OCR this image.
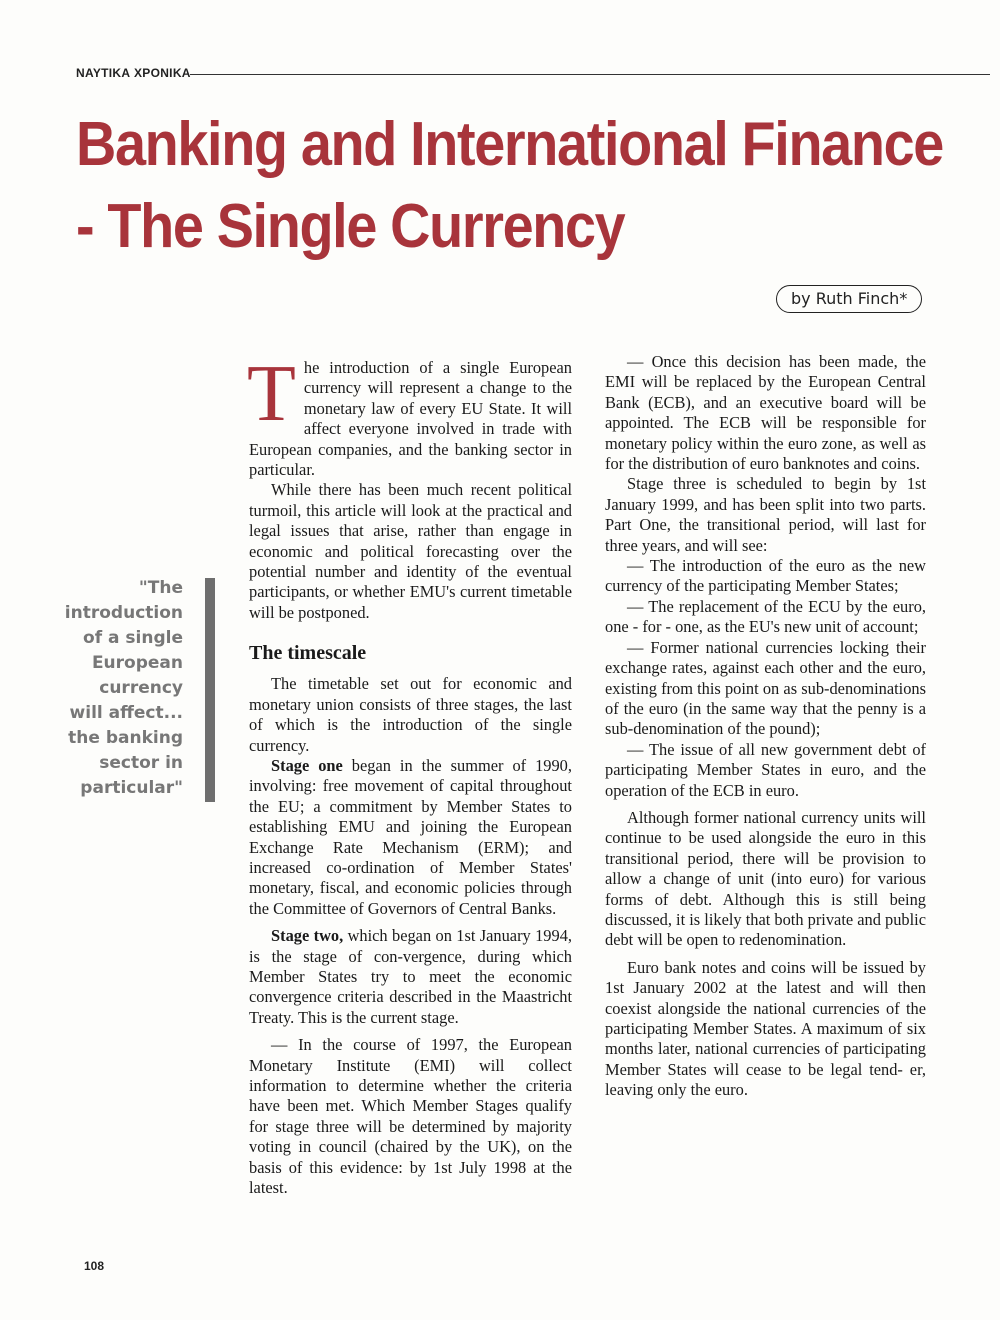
ΝΑΥΤΙΚΑ ΧΡΟΝΙΚΑ
Banking and International Finance
- The Single Currency
by Ruth Finch*
"The
introduction
of a single
European
currency
will affect...
the banking
sector in
particular"

The introduction of a single European currency will represent a change to the monetary law of every EU State. It will affect everyone involved in trade with European companies, and the banking sector in particular.

While there has been much recent political turmoil, this article will look at the practical and legal issues that arise, rather than engage in economic and political forecasting over the potential number and identity of the eventual participants, or whether EMU's current timetable will be postponed.

The timescale

The timetable set out for economic and monetary union consists of three stages, the last of which is the introduction of the single currency.

Stage one began in the summer of 1990, involving: free movement of capital throughout the EU; a commitment by Member States to establishing EMU and joining the European Exchange Rate Mechanism (ERM); and increased co-ordination of Member States' monetary, fiscal, and economic policies through the Committee of Governors of Central Banks.

Stage two, which began on 1st January 1994, is the stage of con-vergence, during which Member States try to meet the economic convergence criteria described in the Maastricht Treaty. This is the current stage.

— In the course of 1997, the European Monetary Institute (EMI) will collect information to determine whether the criteria have been met. Which Member Stages qualify for stage three will be determined by majority voting in council (chaired by the UK), on the basis of this evidence: by 1st July 1998 at the latest.

— Once this decision has been made, the EMI will be replaced by the European Central Bank (ECB), and an executive board will be appointed. The ECB will be responsible for monetary policy within the euro zone, as well as for the distribution of euro banknotes and coins.

Stage three is scheduled to begin by 1st January 1999, and has been split into two parts. Part One, the transitional period, will last for three years, and will see:

— The introduction of the euro as the new currency of the participating Member States;

— The replacement of the ECU by the euro, one - for - one, as the EU's new unit of account;

— Former national currencies locking their exchange rates, against each other and the euro, existing from this point on as sub-denominations of the euro (in the same way that the penny is a sub-denomination of the pound);

— The issue of all new government debt of participating Member States in euro, and the operation of the ECB in euro.

Although former national currency units will continue to be used alongside the euro in this transitional period, there will be provision to allow a change of unit (into euro) for various forms of debt. Although this is still being discussed, it is likely that both private and public debt will be open to redenomination.

Euro bank notes and coins will be issued by 1st January 2002 at the latest and will then coexist alongside the national currencies of the participating Member States. A maximum of six months later, national currencies of participating Member States will cease to be legal tend- er, leaving only the euro.

108
